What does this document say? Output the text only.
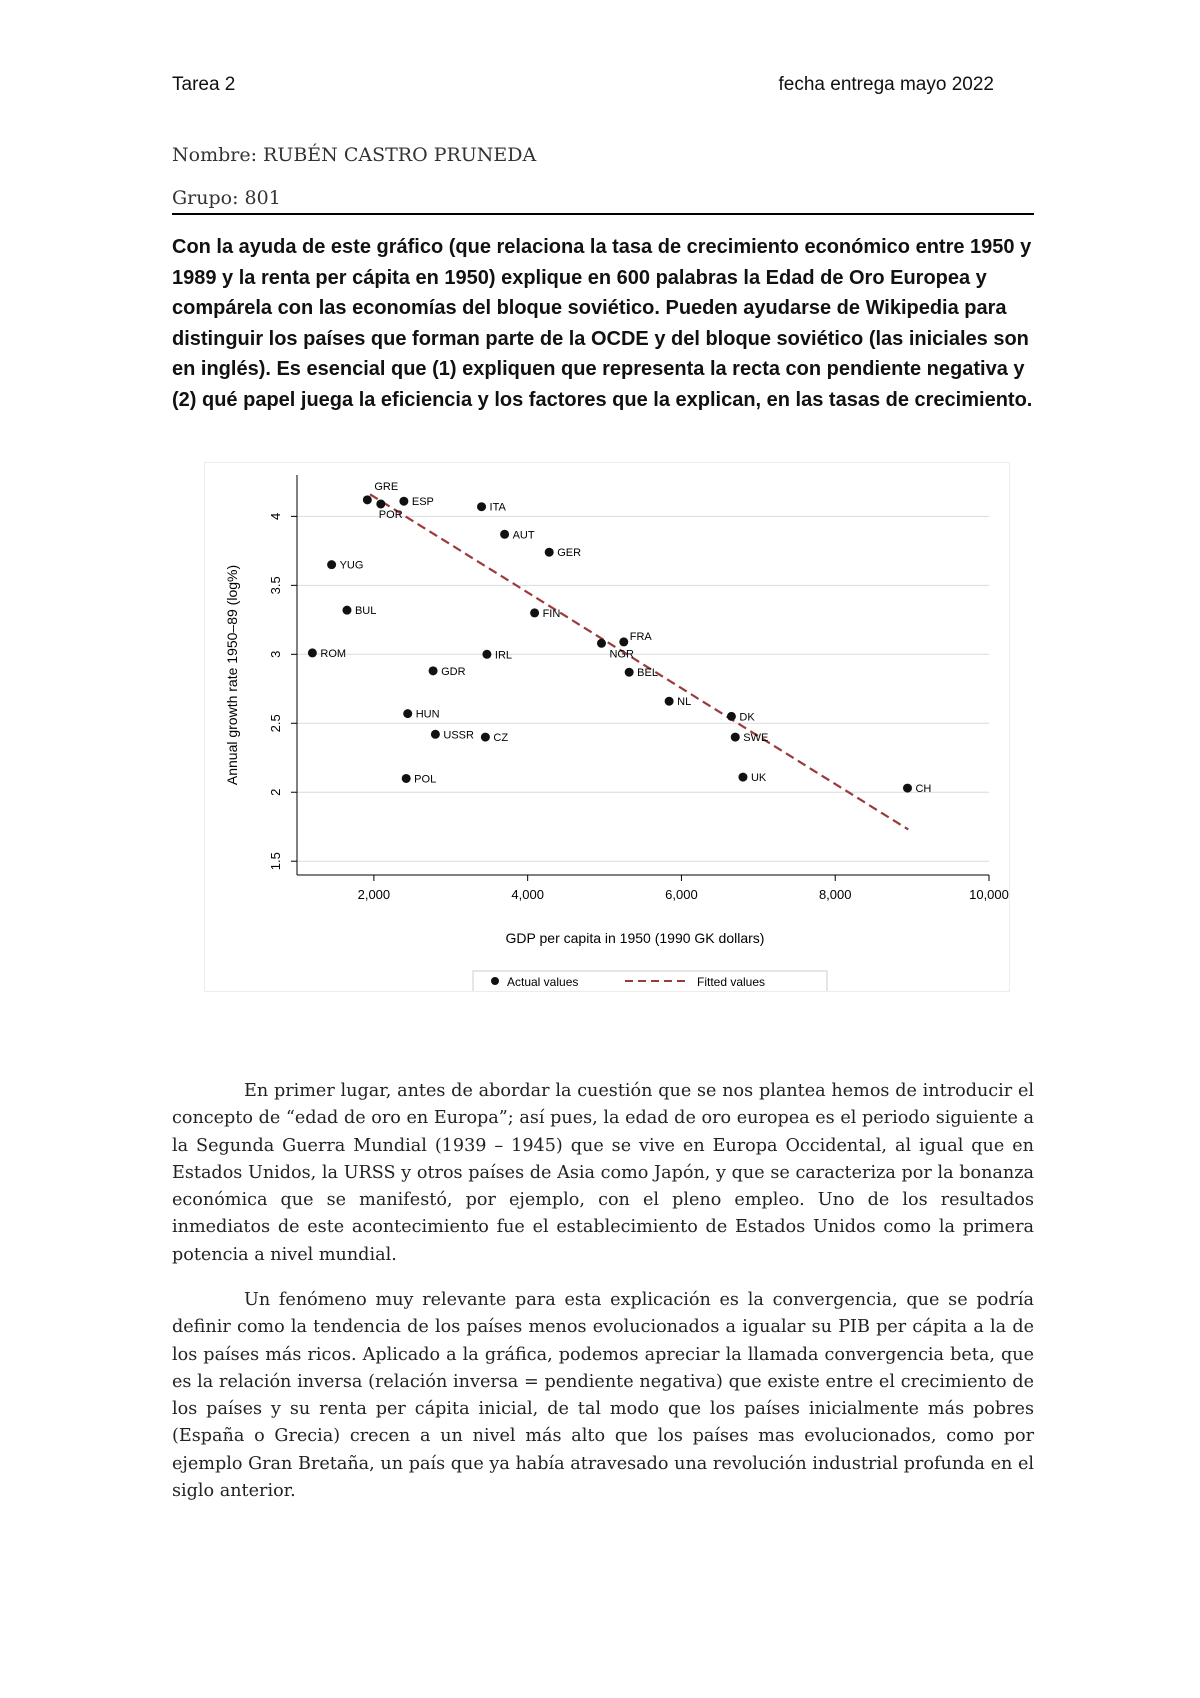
Tarea 2	fecha entrega mayo 2022
Nombre: RUBÉN CASTRO PRUNEDA
Grupo: 801

Con la ayuda de este gráfico (que relaciona la tasa de crecimiento económico entre 1950 y 1989 y la renta per cápita en 1950) explique en 600 palabras la Edad de Oro Europea y compárela con las economías del bloque soviético. Pueden ayudarse de Wikipedia para distinguir los países que forman parte de la OCDE y del bloque soviético (las iniciales son en inglés). Es esencial que (1) expliquen que representa la recta con pendiente negativa y (2) qué papel juega la eficiencia y los factores que la explican, en las tasas de crecimiento.

1.5
2
2.5
3
3.5
4
2,000	4,000	6,000	8,000	10,000
GDP per capita in 1950 (1990 GK dollars)
Annual growth rate 1950–89 (log%)
GRE
POR
ESP	ITA
AUT
GER
YUG
BUL
ROM
FIN
FRA
NGR
IRL
GDR	BEL
NL
DK
HUN
USSR CZ	SWE
POL	UK
CH
Actual values	Fitted values

En primer lugar, antes de abordar la cuestión que se nos plantea hemos de introducir el concepto de “edad de oro en Europa”; así pues, la edad de oro europea es el periodo siguiente a la Segunda Guerra Mundial (1939 – 1945) que se vive en Europa Occidental, al igual que en Estados Unidos, la URSS y otros países de Asia como Japón, y que se caracteriza por la bonanza económica que se manifestó, por ejemplo, con el pleno empleo. Uno de los resultados inmediatos de este acontecimiento fue el establecimiento de Estados Unidos como la primera potencia a nivel mundial.

Un fenómeno muy relevante para esta explicación es la convergencia, que se podría definir como la tendencia de los países menos evolucionados a igualar su PIB per cápita a la de los países más ricos. Aplicado a la gráfica, podemos apreciar la llamada convergencia beta, que es la relación inversa (relación inversa = pendiente negativa) que existe entre el crecimiento de los países y su renta per cápita inicial, de tal modo que los países inicialmente más pobres (España o Grecia) crecen a un nivel más alto que los países mas evolucionados, como por ejemplo Gran Bretaña, un país que ya había atravesado una revolución industrial profunda en el siglo anterior.
